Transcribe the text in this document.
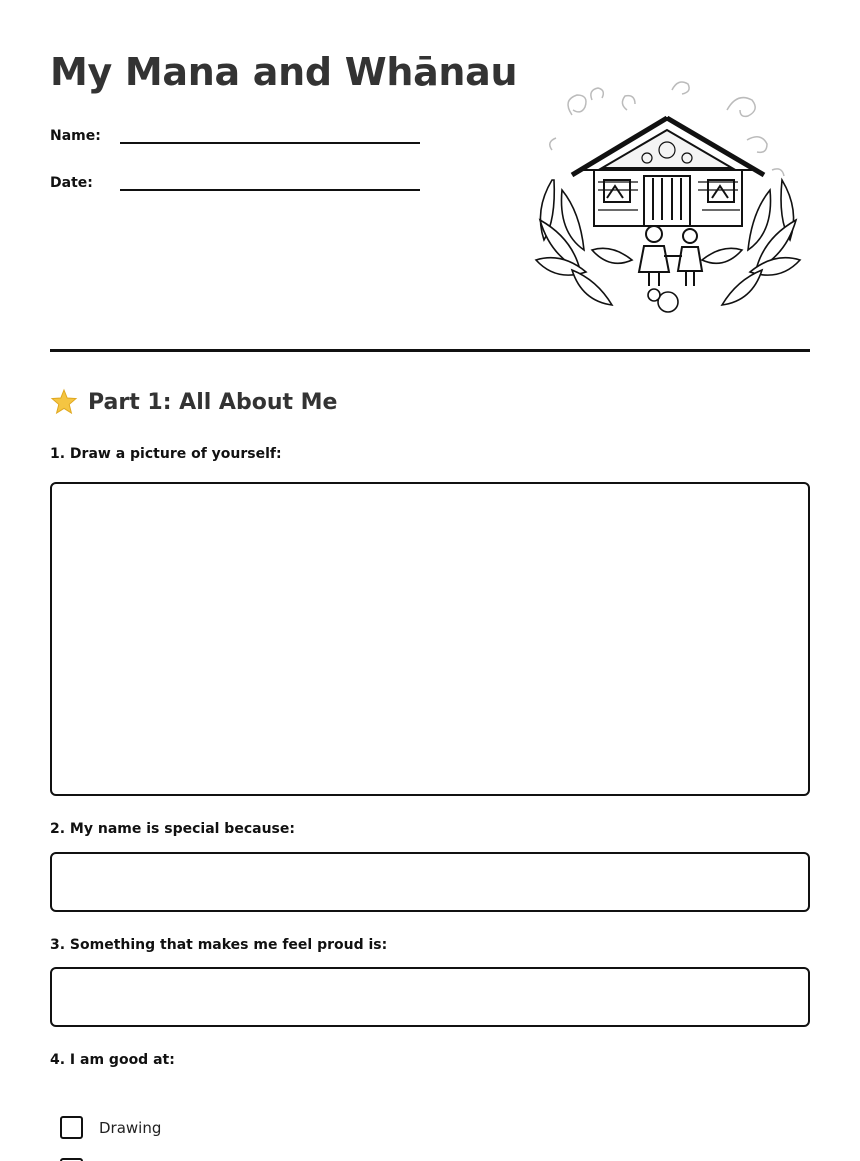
My Mana and Whānau
Name:
Date:
Part 1: All About Me
1. Draw a picture of yourself:
2. My name is special because:
3. Something that makes me feel proud is:
4. I am good at:
Drawing
